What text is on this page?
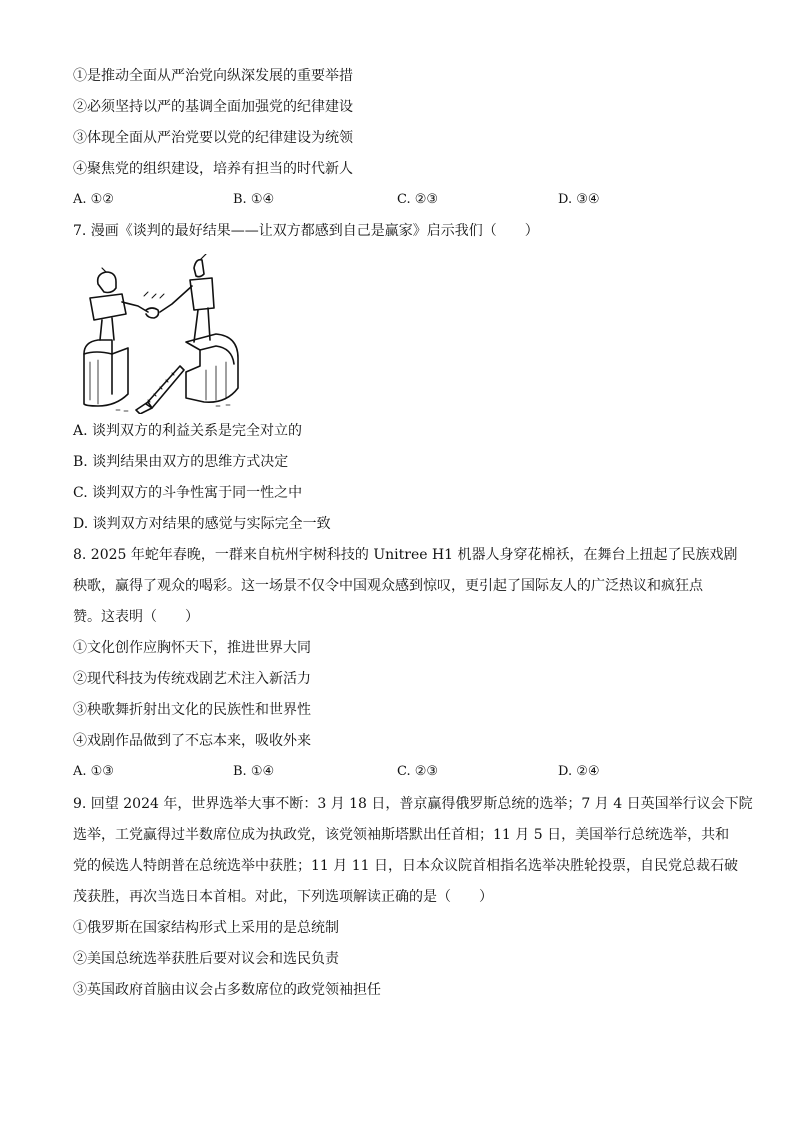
①是推动全面从严治党向纵深发展的重要举措
②必须坚持以严的基调全面加强党的纪律建设
③体现全面从严治党要以党的纪律建设为统领
④聚焦党的组织建设，培养有担当的时代新人
A. ①②	B. ①④	C. ②③	D. ③④
7. 漫画《谈判的最好结果——让双方都感到自己是赢家》启示我们（　　）
A. 谈判双方的利益关系是完全对立的
B. 谈判结果由双方的思维方式决定
C. 谈判双方的斗争性寓于同一性之中
D. 谈判双方对结果的感觉与实际完全一致
8. 2025 年蛇年春晚，一群来自杭州宇树科技的 Unitree H1 机器人身穿花棉袄，在舞台上扭起了民族戏剧
秧歌，赢得了观众的喝彩。这一场景不仅令中国观众感到惊叹，更引起了国际友人的广泛热议和疯狂点
赞。这表明（　　）
①文化创作应胸怀天下，推进世界大同
②现代科技为传统戏剧艺术注入新活力
③秧歌舞折射出文化的民族性和世界性
④戏剧作品做到了不忘本来，吸收外来
A. ①③	B. ①④	C. ②③	D. ②④
9. 回望 2024 年，世界选举大事不断：3 月 18 日，普京赢得俄罗斯总统的选举；7 月 4 日英国举行议会下院
选举，工党赢得过半数席位成为执政党，该党领袖斯塔默出任首相；11 月 5 日，美国举行总统选举，共和
党的候选人特朗普在总统选举中获胜；11 月 11 日，日本众议院首相指名选举决胜轮投票，自民党总裁石破
茂获胜，再次当选日本首相。对此，下列选项解读正确的是（　　）
①俄罗斯在国家结构形式上采用的是总统制
②美国总统选举获胜后要对议会和选民负责
③英国政府首脑由议会占多数席位的政党领袖担任
